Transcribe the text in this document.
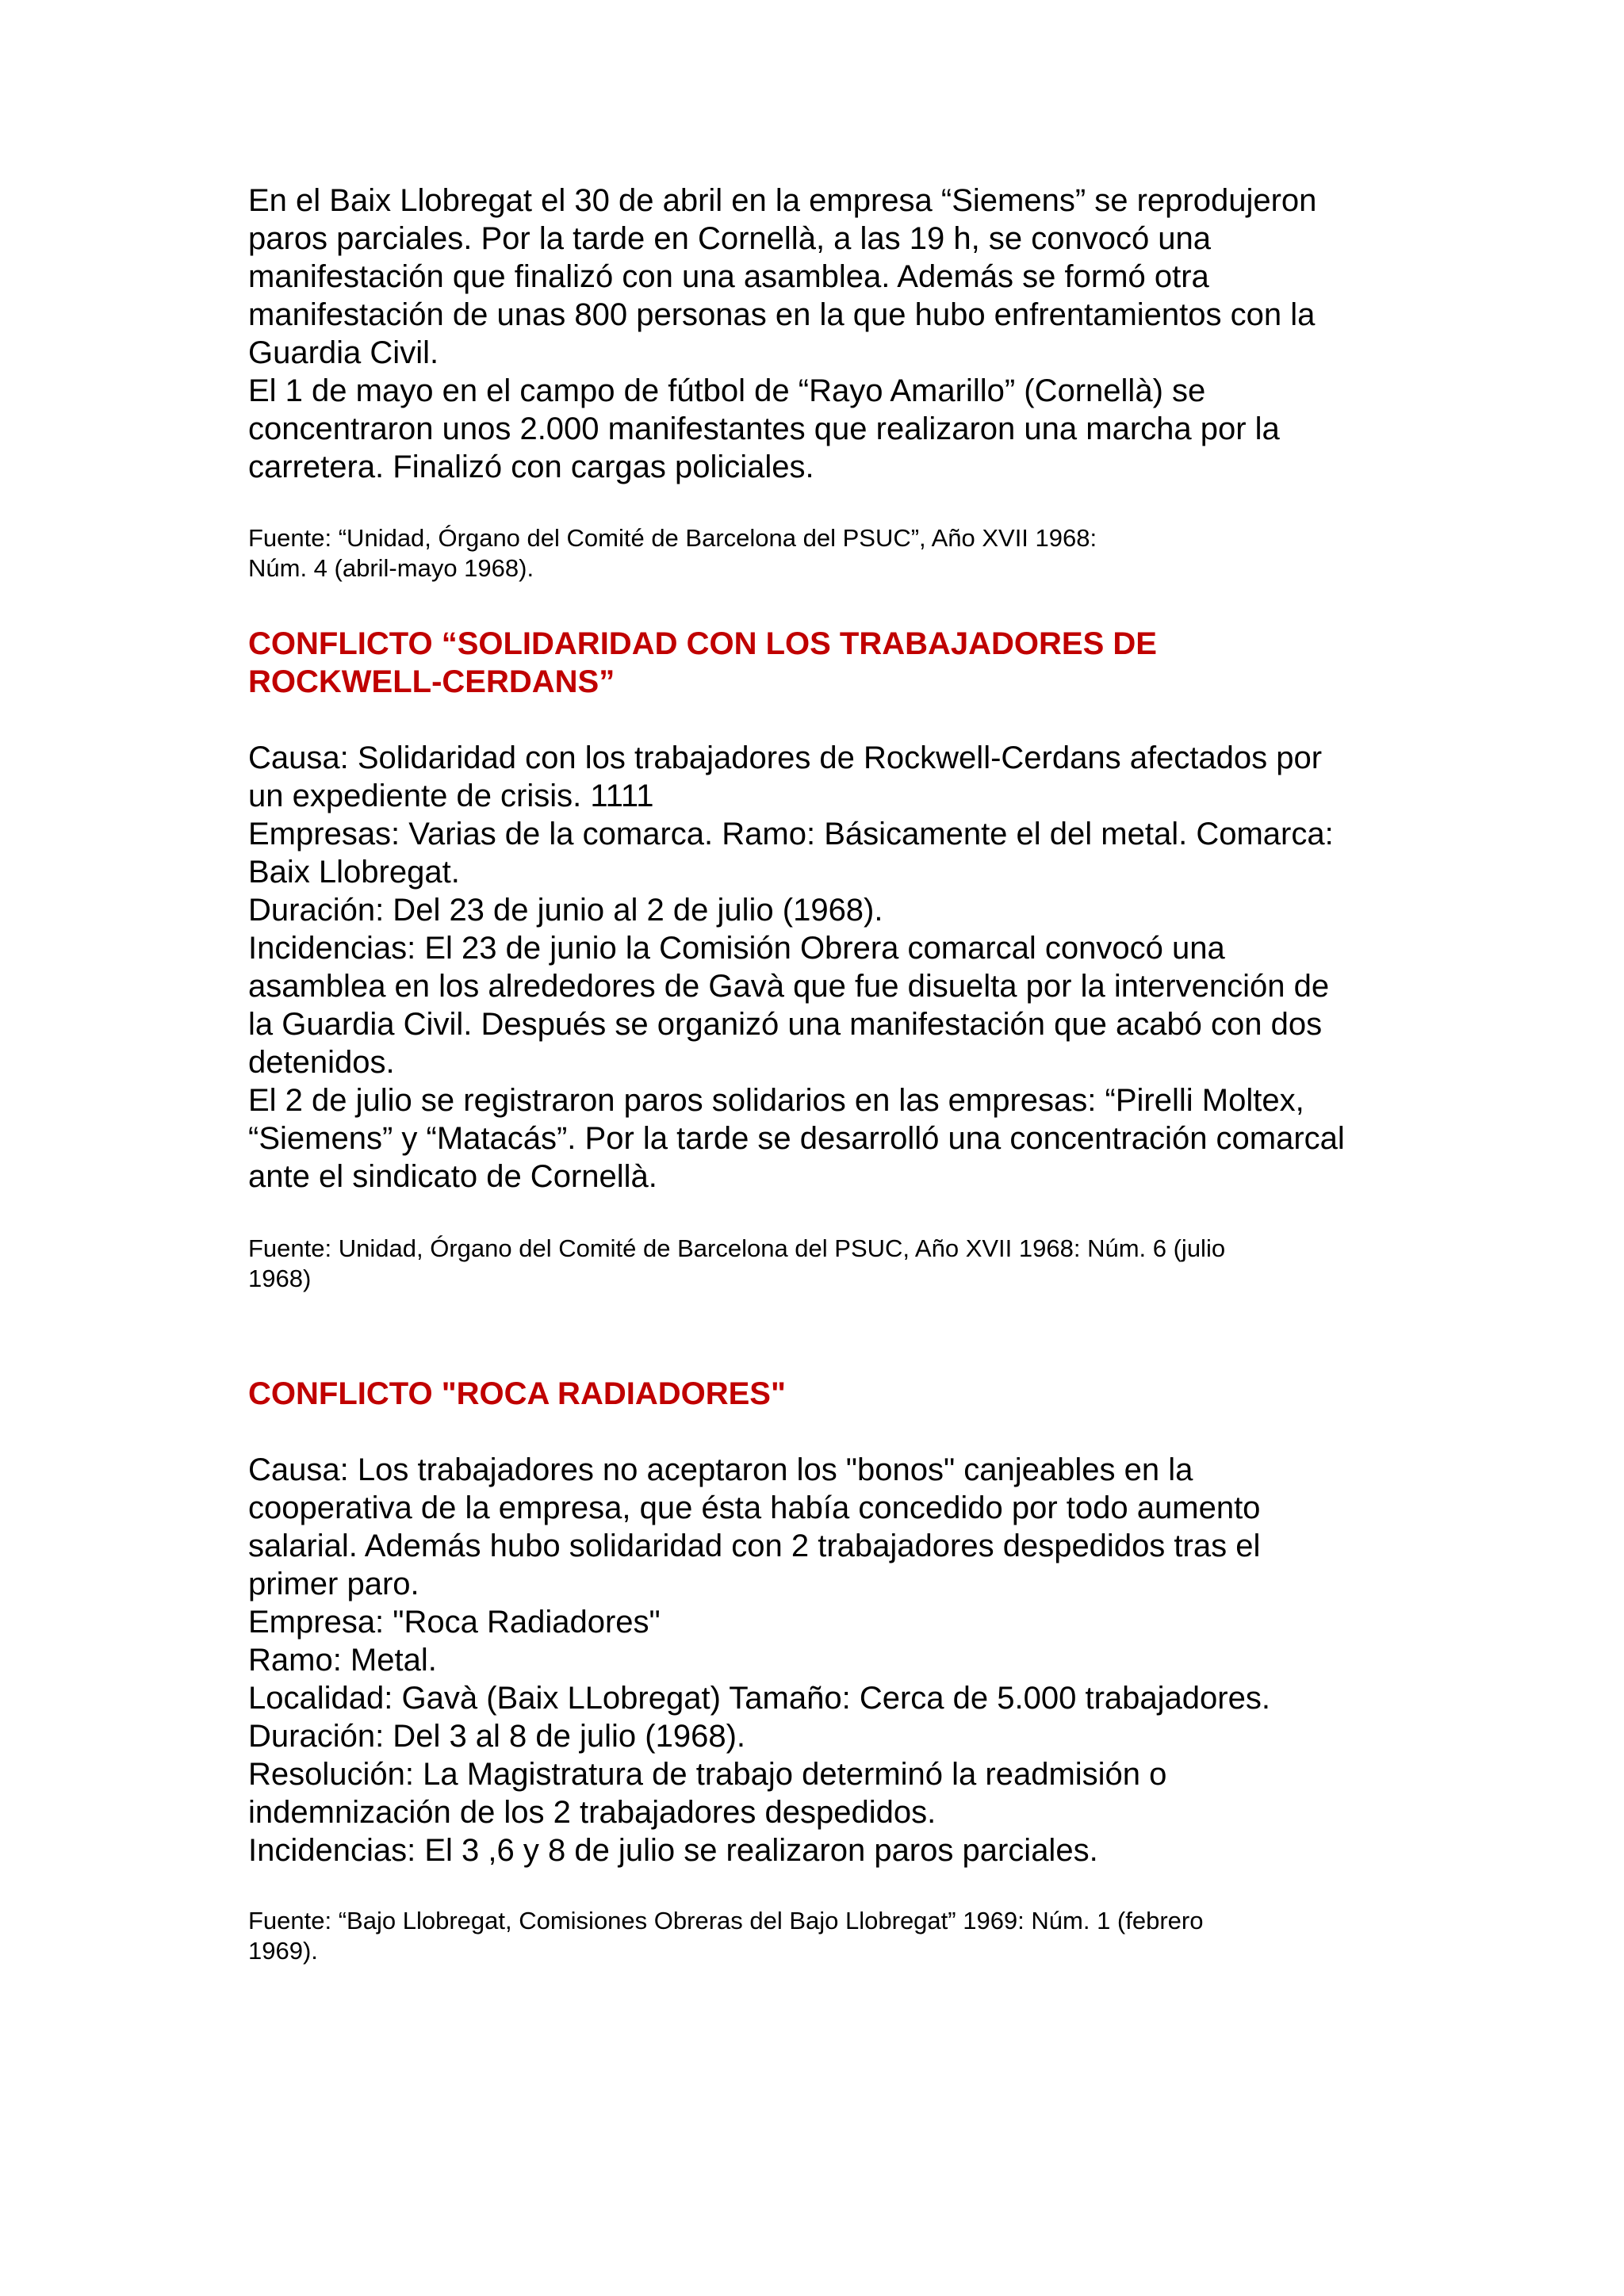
En el Baix Llobregat el 30 de abril en la empresa “Siemens” se reprodujeron
paros parciales. Por la tarde en Cornellà, a las 19 h, se convocó una
manifestación que finalizó con una asamblea. Además se formó otra
manifestación de unas 800 personas en la que hubo enfrentamientos con la
Guardia Civil.
El 1 de mayo en el campo de fútbol de “Rayo Amarillo” (Cornellà) se
concentraron unos 2.000 manifestantes que realizaron una marcha por la
carretera. Finalizó con cargas policiales.

Fuente: “Unidad, Órgano del Comité de Barcelona del PSUC”, Año XVII 1968:
Núm. 4 (abril-mayo 1968).

CONFLICTO “SOLIDARIDAD CON LOS TRABAJADORES DE
ROCKWELL-CERDANS”

Causa: Solidaridad con los trabajadores de Rockwell-Cerdans afectados por
un expediente de crisis. 1111
Empresas: Varias de la comarca. Ramo: Básicamente el del metal. Comarca:
Baix Llobregat.
Duración: Del 23 de junio al 2 de julio (1968).
Incidencias: El 23 de junio la Comisión Obrera comarcal convocó una
asamblea en los alrededores de Gavà que fue disuelta por la intervención de
la Guardia Civil. Después se organizó una manifestación que acabó con dos
detenidos.
El 2 de julio se registraron paros solidarios en las empresas: “Pirelli Moltex,
“Siemens” y “Matacás”. Por la tarde se desarrolló una concentración comarcal
ante el sindicato de Cornellà.

Fuente: Unidad, Órgano del Comité de Barcelona del PSUC, Año XVII 1968: Núm. 6 (julio
1968)

CONFLICTO "ROCA RADIADORES"

Causa: Los trabajadores no aceptaron los "bonos" canjeables en la
cooperativa de la empresa, que ésta había concedido por todo aumento
salarial. Además hubo solidaridad con 2 trabajadores despedidos tras el
primer paro.
Empresa: "Roca Radiadores"
Ramo: Metal.
Localidad: Gavà (Baix LLobregat) Tamaño: Cerca de 5.000 trabajadores.
Duración: Del 3 al 8 de julio (1968).
Resolución: La Magistratura de trabajo determinó la readmisión o
indemnización de los 2 trabajadores despedidos.
Incidencias: El 3 ,6 y 8 de julio se realizaron paros parciales.

Fuente: “Bajo Llobregat, Comisiones Obreras del Bajo Llobregat” 1969: Núm. 1 (febrero
1969).
